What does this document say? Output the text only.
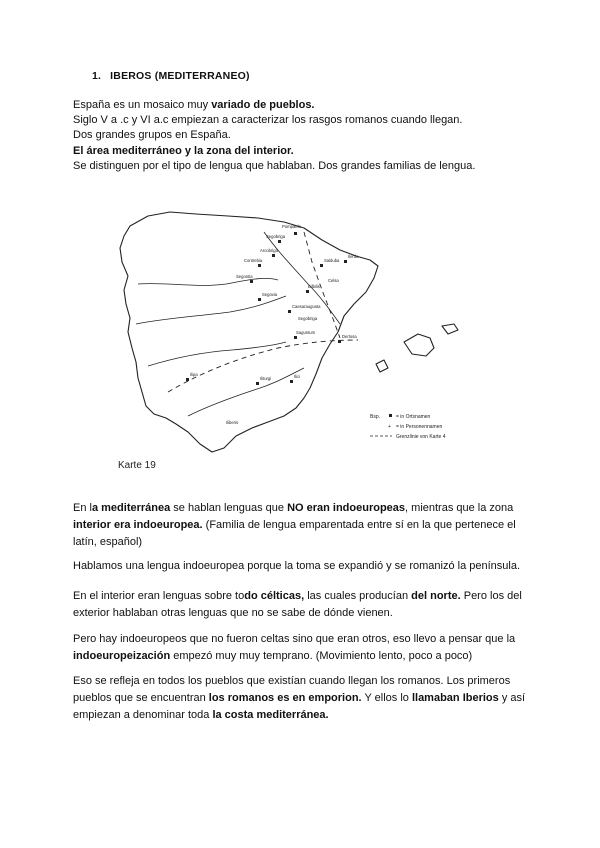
1. IBEROS (MEDITERRANEO)

España es un mosaico muy variado de pueblos.

Siglo V a .c y VI a.c empiezan a caracterizar los rasgos romanos cuando llegan.

Dos grandes grupos en España.

El área mediterráneo y la zona del interior.

Se distinguen por el tipo de lengua que hablaban. Dos grandes familias de lengua.

Pompaelo
Segobriga
Arcobriga
Contrebia
Segontia
Ilerda
Salduba
Bilbilis
Celsa
Segovia
Caesaraugusta
Dertosa
Saguntum
Segobriga
Ilici
Iliturgi
Iliberis
Ilipa
Bsp.	= in Ortsnamen
+ = in Personennamen
Grenzlinie von Karte 4
Karte 19

En la mediterránea se hablan lenguas que NO eran indoeuropeas, mientras que la zona interior era indoeuropea. (Familia de lengua emparentada entre sí en la que pertenece el latín, español)

Hablamos una lengua indoeuropea porque la toma se expandió y se romanizó la península.

En el interior eran lenguas sobre todo célticas, las cuales producían del norte. Pero los del exterior hablaban otras lenguas que no se sabe de dónde vienen.

Pero hay indoeuropeos que no fueron celtas sino que eran otros, eso llevo a pensar que la indoeuropeización empezó muy muy temprano. (Movimiento lento, poco a poco)

Eso se refleja en todos los pueblos que existían cuando llegan los romanos. Los primeros pueblos que se encuentran los romanos es en emporion. Y ellos lo llamaban Iberios y así empiezan a denominar toda la costa mediterránea.
